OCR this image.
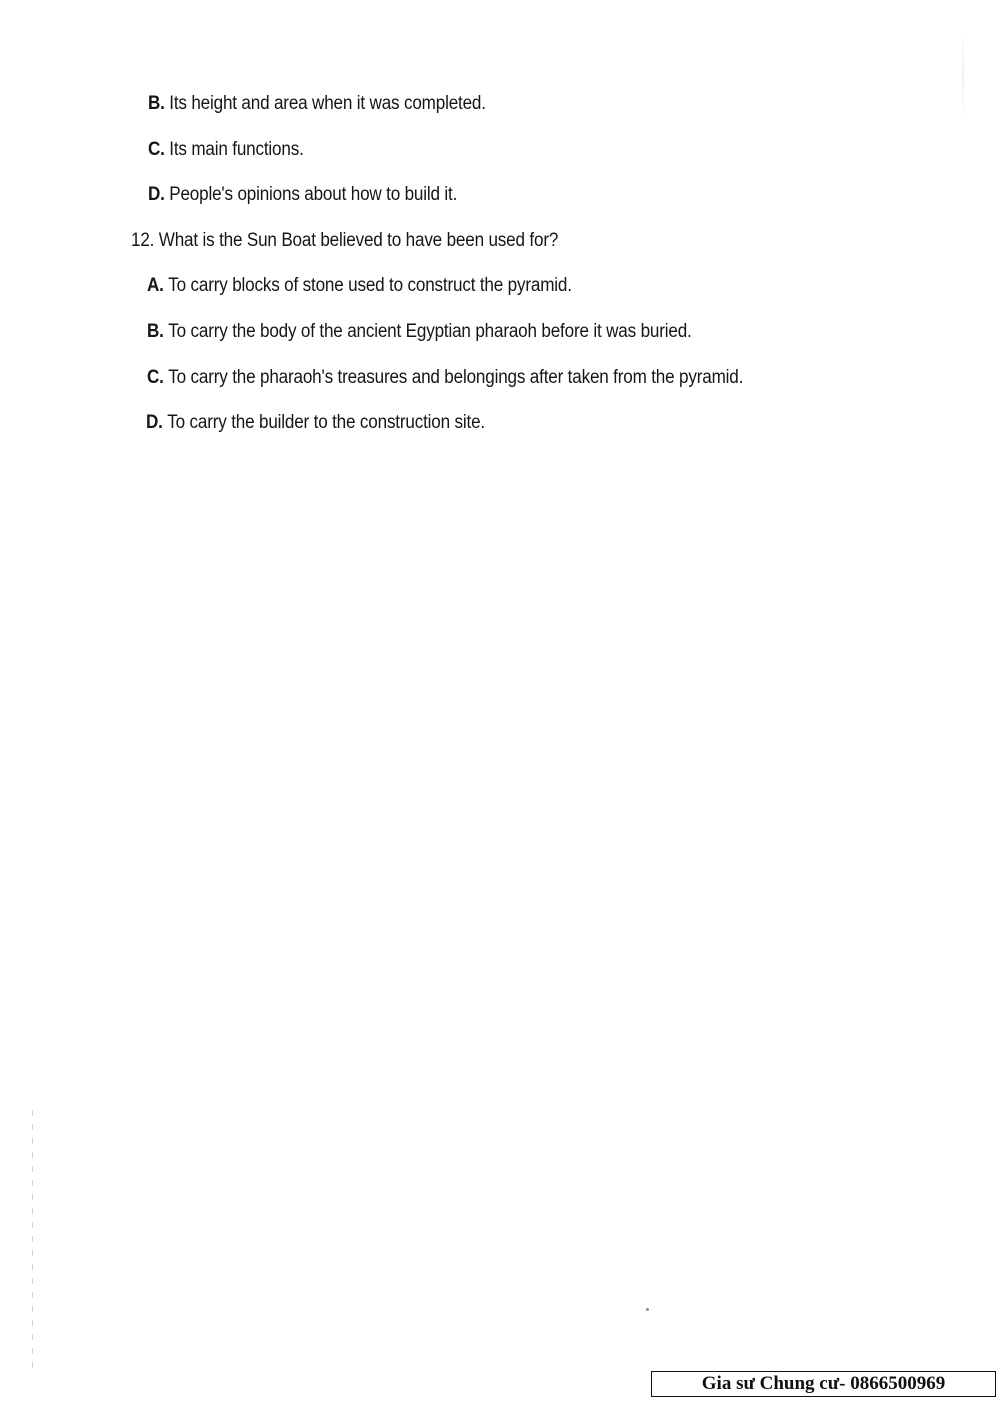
B. Its height and area when it was completed.
C. Its main functions.
D. People's opinions about how to build it.
12. What is the Sun Boat believed to have been used for?
A. To carry blocks of stone used to construct the pyramid.
B. To carry the body of the ancient Egyptian pharaoh before it was buried.
C. To carry the pharaoh's treasures and belongings after taken from the pyramid.
D. To carry the builder to the construction site.
Gia sư Chung cư- 0866500969
